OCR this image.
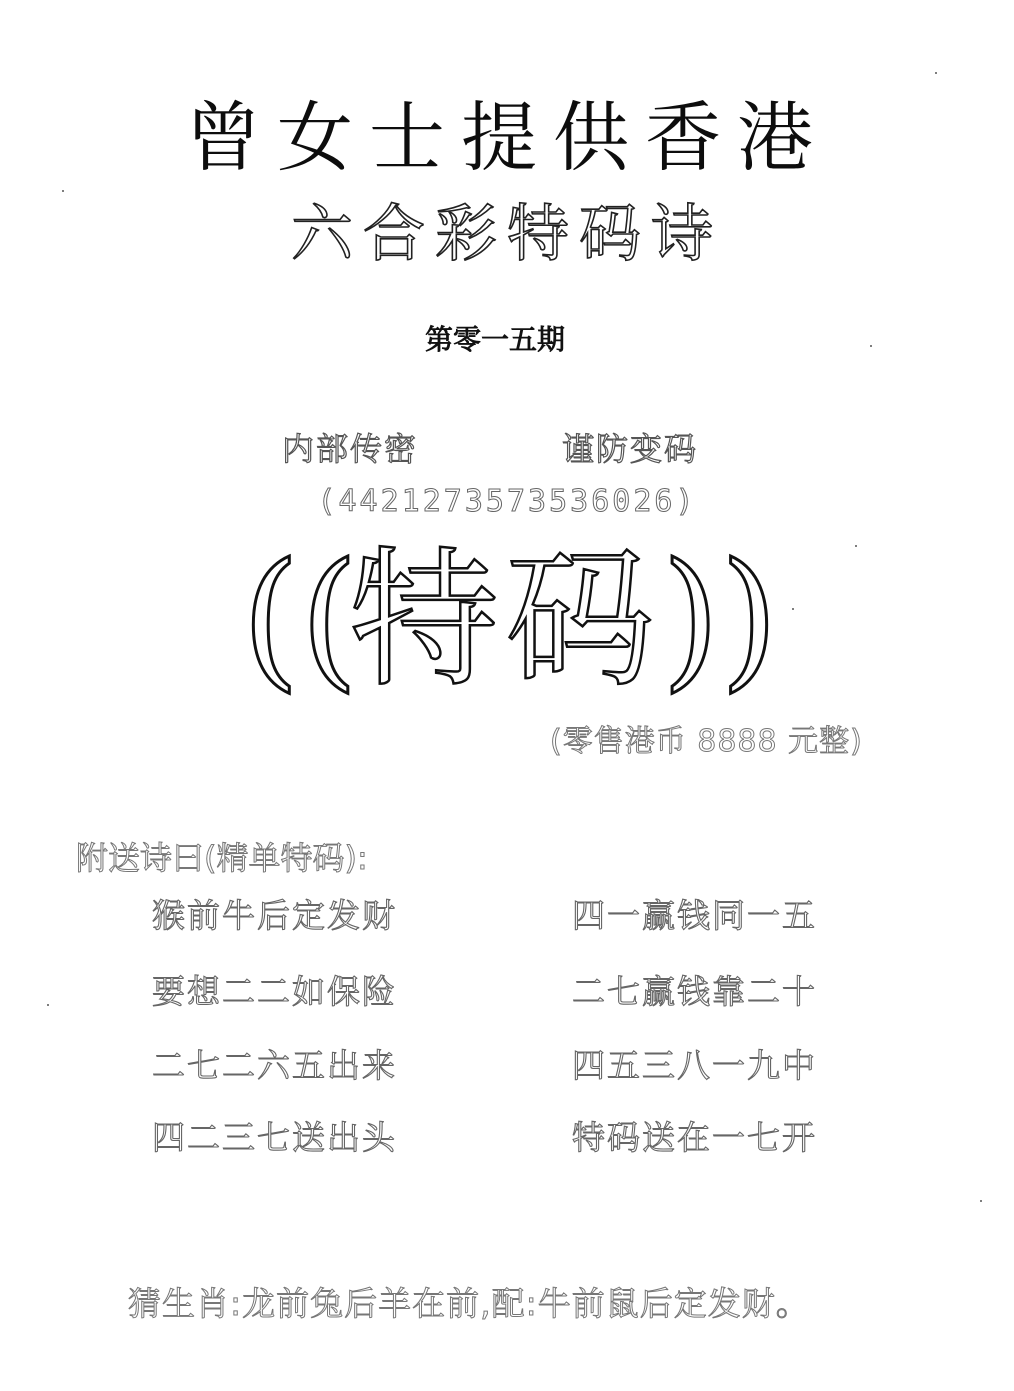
曾女士提供香港
六合彩特码诗
第零一五期
内部传密	谨防变码
(4421273573536026)
((
特码 ))
(零售港币 8888 元整)
附送诗曰(精单特码):
猴前牛后定发财	四一赢钱同一五
要想二二如保险	二七赢钱靠二十
二七二六五出来	四五三八一九中
四二三七送出头	特码送在一七开
猜生肖:龙前兔后羊在前,配:牛前鼠后定发财。
